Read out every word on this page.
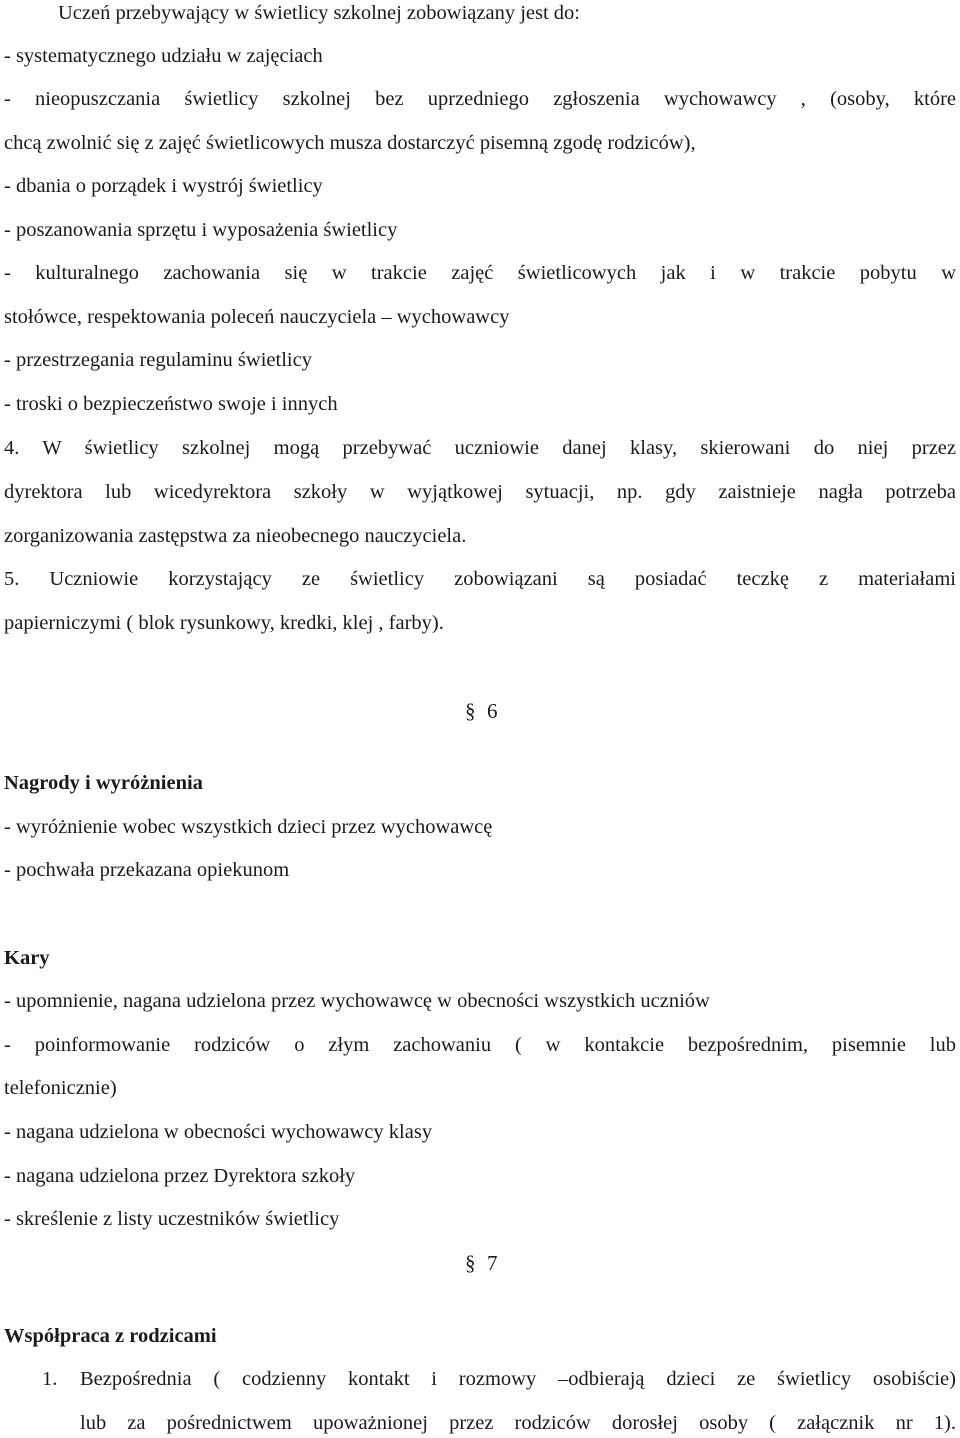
Uczeń przebywający w świetlicy szkolnej zobowiązany jest do:
- systematycznego udziału w zajęciach
- nieopuszczania świetlicy szkolnej bez uprzedniego zgłoszenia wychowawcy , (osoby, które
chcą zwolnić się z zajęć świetlicowych musza dostarczyć pisemną zgodę rodziców),
- dbania o porządek i wystrój świetlicy
- poszanowania sprzętu i wyposażenia świetlicy
- kulturalnego zachowania się w trakcie zajęć świetlicowych jak i w trakcie pobytu w
stołówce, respektowania poleceń nauczyciela – wychowawcy
- przestrzegania regulaminu świetlicy
- troski o bezpieczeństwo swoje i innych
4. W świetlicy szkolnej mogą przebywać uczniowie danej klasy, skierowani do niej przez
dyrektora lub wicedyrektora szkoły w wyjątkowej sytuacji, np. gdy zaistnieje nagła potrzeba
zorganizowania zastępstwa za nieobecnego nauczyciela.
5. Uczniowie korzystający ze świetlicy zobowiązani są posiadać teczkę z materiałami
papierniczymi ( blok rysunkowy, kredki, klej , farby).
§ 6
Nagrody i wyróżnienia
- wyróżnienie wobec wszystkich dzieci przez wychowawcę
- pochwała przekazana opiekunom
Kary
- upomnienie, nagana udzielona przez wychowawcę w obecności wszystkich uczniów
- poinformowanie rodziców o złym zachowaniu ( w kontakcie bezpośrednim, pisemnie lub
telefonicznie)
- nagana udzielona w obecności wychowawcy klasy
- nagana udzielona przez Dyrektora szkoły
- skreślenie z listy uczestników świetlicy
§ 7
Współpraca z rodzicami
1. Bezpośrednia ( codzienny kontakt i rozmowy –odbierają dzieci ze świetlicy osobiście)
lub za pośrednictwem upoważnionej przez rodziców dorosłej osoby ( załącznik nr 1).
